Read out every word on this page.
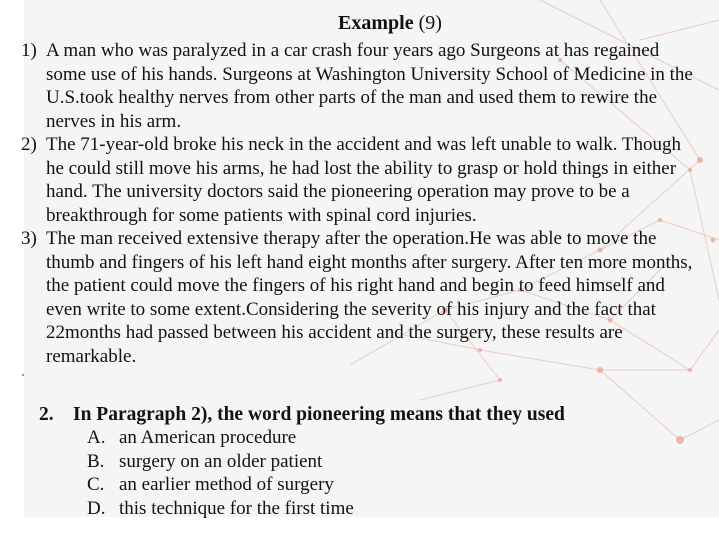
Example (9)
1) A man who was paralyzed in a car crash four years ago Surgeons at has regained some use of his hands. Surgeons at Washington University School of Medicine in the U.S.took healthy nerves from other parts of the man and used them to rewire the nerves in his arm.
2) The 71-year-old broke his neck in the accident and was left unable to walk. Though he could still move his arms, he had lost the ability to grasp or hold things in either hand. The university doctors said the pioneering operation may prove to be a breakthrough for some patients with spinal cord injuries.
3) The man received extensive therapy after the operation.He was able to move the thumb and fingers of his left hand eight months after surgery. After ten more months, the patient could move the fingers of his right hand and begin to feed himself and even write to some extent.Considering the severity of his injury and the fact that 22months had passed between his accident and the surgery, these results are remarkable.
2. In Paragraph 2), the word pioneering means that they used
A. an American procedure
B. surgery on an older patient
C. an earlier method of surgery
D. this technique for the first time
